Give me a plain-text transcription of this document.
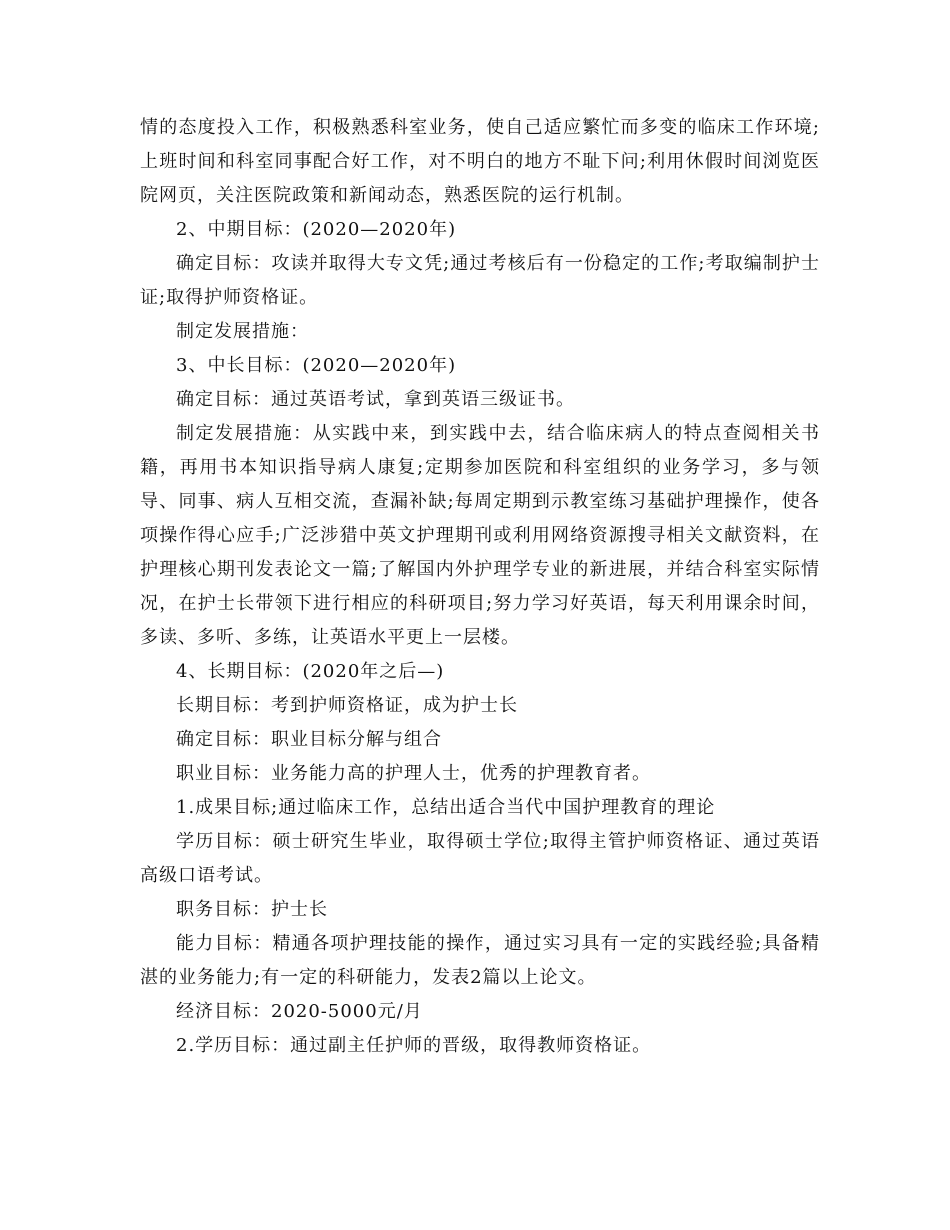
情的态度投入工作，积极熟悉科室业务，使自己适应繁忙而多变的临床工作环境;上班时间和科室同事配合好工作，对不明白的地方不耻下问;利用休假时间浏览医院网页，关注医院政策和新闻动态，熟悉医院的运行机制。

2、中期目标：(2020—2020年)

确定目标：攻读并取得大专文凭;通过考核后有一份稳定的工作;考取编制护士证;取得护师资格证。

制定发展措施：

3、中长目标：(2020—2020年)

确定目标：通过英语考试，拿到英语三级证书。

制定发展措施：从实践中来，到实践中去，结合临床病人的特点查阅相关书籍，再用书本知识指导病人康复;定期参加医院和科室组织的业务学习，多与领导、同事、病人互相交流，查漏补缺;每周定期到示教室练习基础护理操作，使各项操作得心应手;广泛涉猎中英文护理期刊或利用网络资源搜寻相关文献资料，在护理核心期刊发表论文一篇;了解国内外护理学专业的新进展，并结合科室实际情况，在护士长带领下进行相应的科研项目;努力学习好英语，每天利用课余时间，多读、多听、多练，让英语水平更上一层楼。

4、长期目标：(2020年之后—)

长期目标：考到护师资格证，成为护士长

确定目标：职业目标分解与组合

职业目标：业务能力高的护理人士，优秀的护理教育者。

1.成果目标;通过临床工作，总结出适合当代中国护理教育的理论

学历目标：硕士研究生毕业，取得硕士学位;取得主管护师资格证、通过英语高级口语考试。

职务目标：护士长

能力目标：精通各项护理技能的操作，通过实习具有一定的实践经验;具备精湛的业务能力;有一定的科研能力，发表2篇以上论文。

经济目标：2020-5000元/月

2.学历目标：通过副主任护师的晋级，取得教师资格证。
